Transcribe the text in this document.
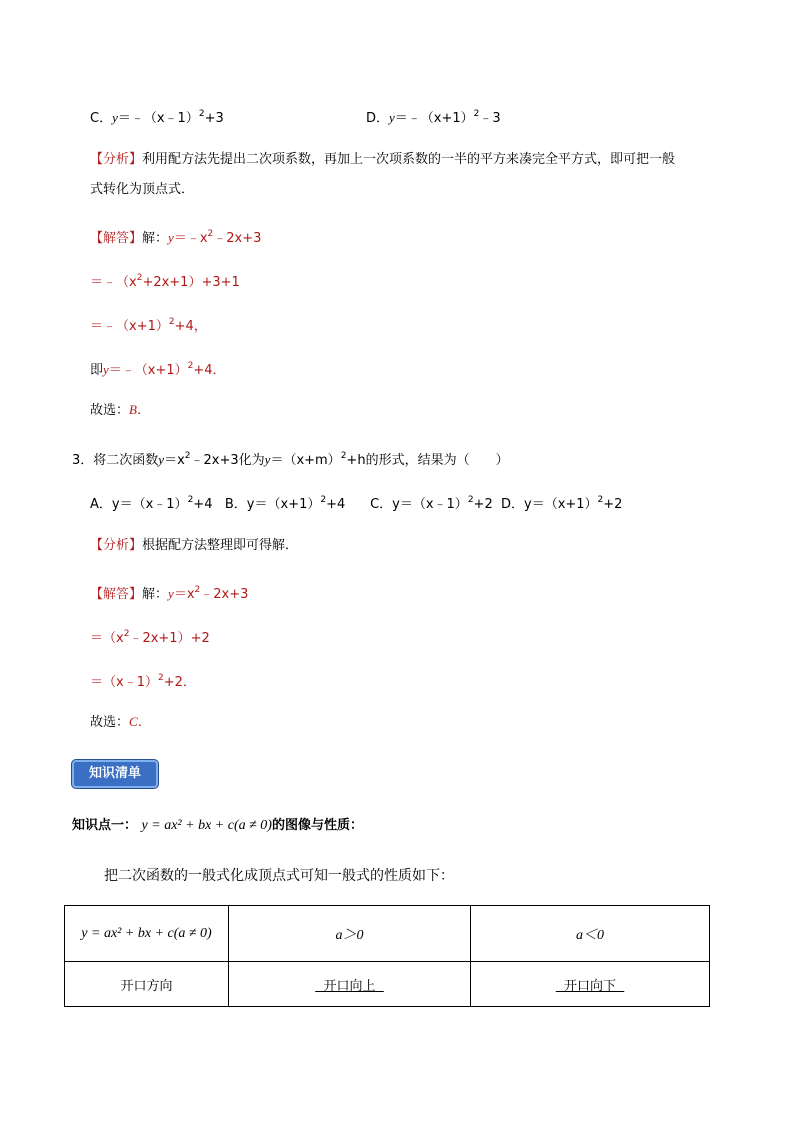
C．y＝﹣（x﹣1）$^2$+3	D．$y=﹣(x+1)^2﹣3$
【分析】利用配方法先提出二次项系数，再加上一次项系数的一半的平方来凑完全平方式，即可把一般
式转化为顶点式．
【解答】解：$y=﹣x^2﹣2x+3$
$=﹣(x^2+2x+1)+3+1$
$=﹣(x+1)^2+4$，
即$y=﹣(x+1)^2+4$．
故选：B．
3．将二次函数$y=x^2﹣2x+3$化为$y=(x+m)^2+h$的形式，结果为（　　）
A．y＝（x﹣1）$^2$+4 B．$y=(x+1)^2+4$ C．y＝（x﹣1）$^2$+2 D．$y=(x+1)^2+2$
【分析】根据配方法整理即可得解．
【解答】解：$y=x^2﹣2x+3$
$=(x^2﹣2x+1)+2$
＝（x﹣1）$^2$+2．
故选：C．
知识清单
知识点一： y = ax² + bx + c(a ≠ 0)的图像与性质：
把二次函数的一般式化成顶点式可知一般式的性质如下：
y = ax² + bx + c(a ≠ 0)	a＞0	a＜0
开口方向	开口向上	开口向下
